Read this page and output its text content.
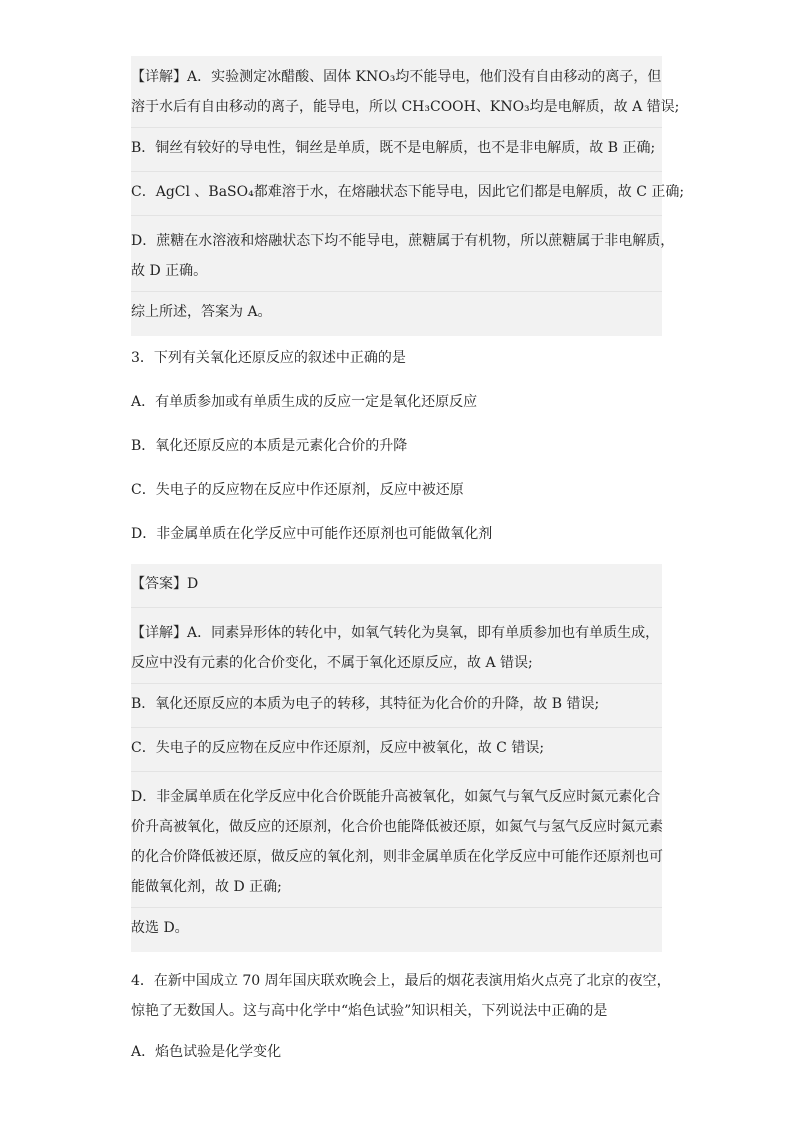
【详解】A．实验测定冰醋酸、固体 KNO₃均不能导电，他们没有自由移动的离子，但
溶于水后有自由移动的离子，能导电，所以 CH₃COOH、KNO₃均是电解质，故 A 错误;
B．铜丝有较好的导电性，铜丝是单质，既不是电解质，也不是非电解质，故 B 正确;
C．AgCl 、BaSO₄都难溶于水，在熔融状态下能导电，因此它们都是电解质，故 C 正确;
D．蔗糖在水溶液和熔融状态下均不能导电，蔗糖属于有机物，所以蔗糖属于非电解质，
故 D 正确。
综上所述，答案为 A。
3．下列有关氧化还原反应的叙述中正确的是
A．有单质参加或有单质生成的反应一定是氧化还原反应
B．氧化还原反应的本质是元素化合价的升降
C．失电子的反应物在反应中作还原剂，反应中被还原
D．非金属单质在化学反应中可能作还原剂也可能做氧化剂
【答案】D
【详解】A．同素异形体的转化中，如氧气转化为臭氧，即有单质参加也有单质生成，
反应中没有元素的化合价变化，不属于氧化还原反应，故 A 错误;
B．氧化还原反应的本质为电子的转移，其特征为化合价的升降，故 B 错误;
C．失电子的反应物在反应中作还原剂，反应中被氧化，故 C 错误;
D．非金属单质在化学反应中化合价既能升高被氧化，如氮气与氧气反应时氮元素化合
价升高被氧化，做反应的还原剂，化合价也能降低被还原，如氮气与氢气反应时氮元素
的化合价降低被还原，做反应的氧化剂，则非金属单质在化学反应中可能作还原剂也可
能做氧化剂，故 D 正确;
故选 D。
4．在新中国成立 70 周年国庆联欢晚会上，最后的烟花表演用焰火点亮了北京的夜空，
惊艳了无数国人。这与高中化学中“焰色试验”知识相关，下列说法中正确的是
A．焰色试验是化学变化
